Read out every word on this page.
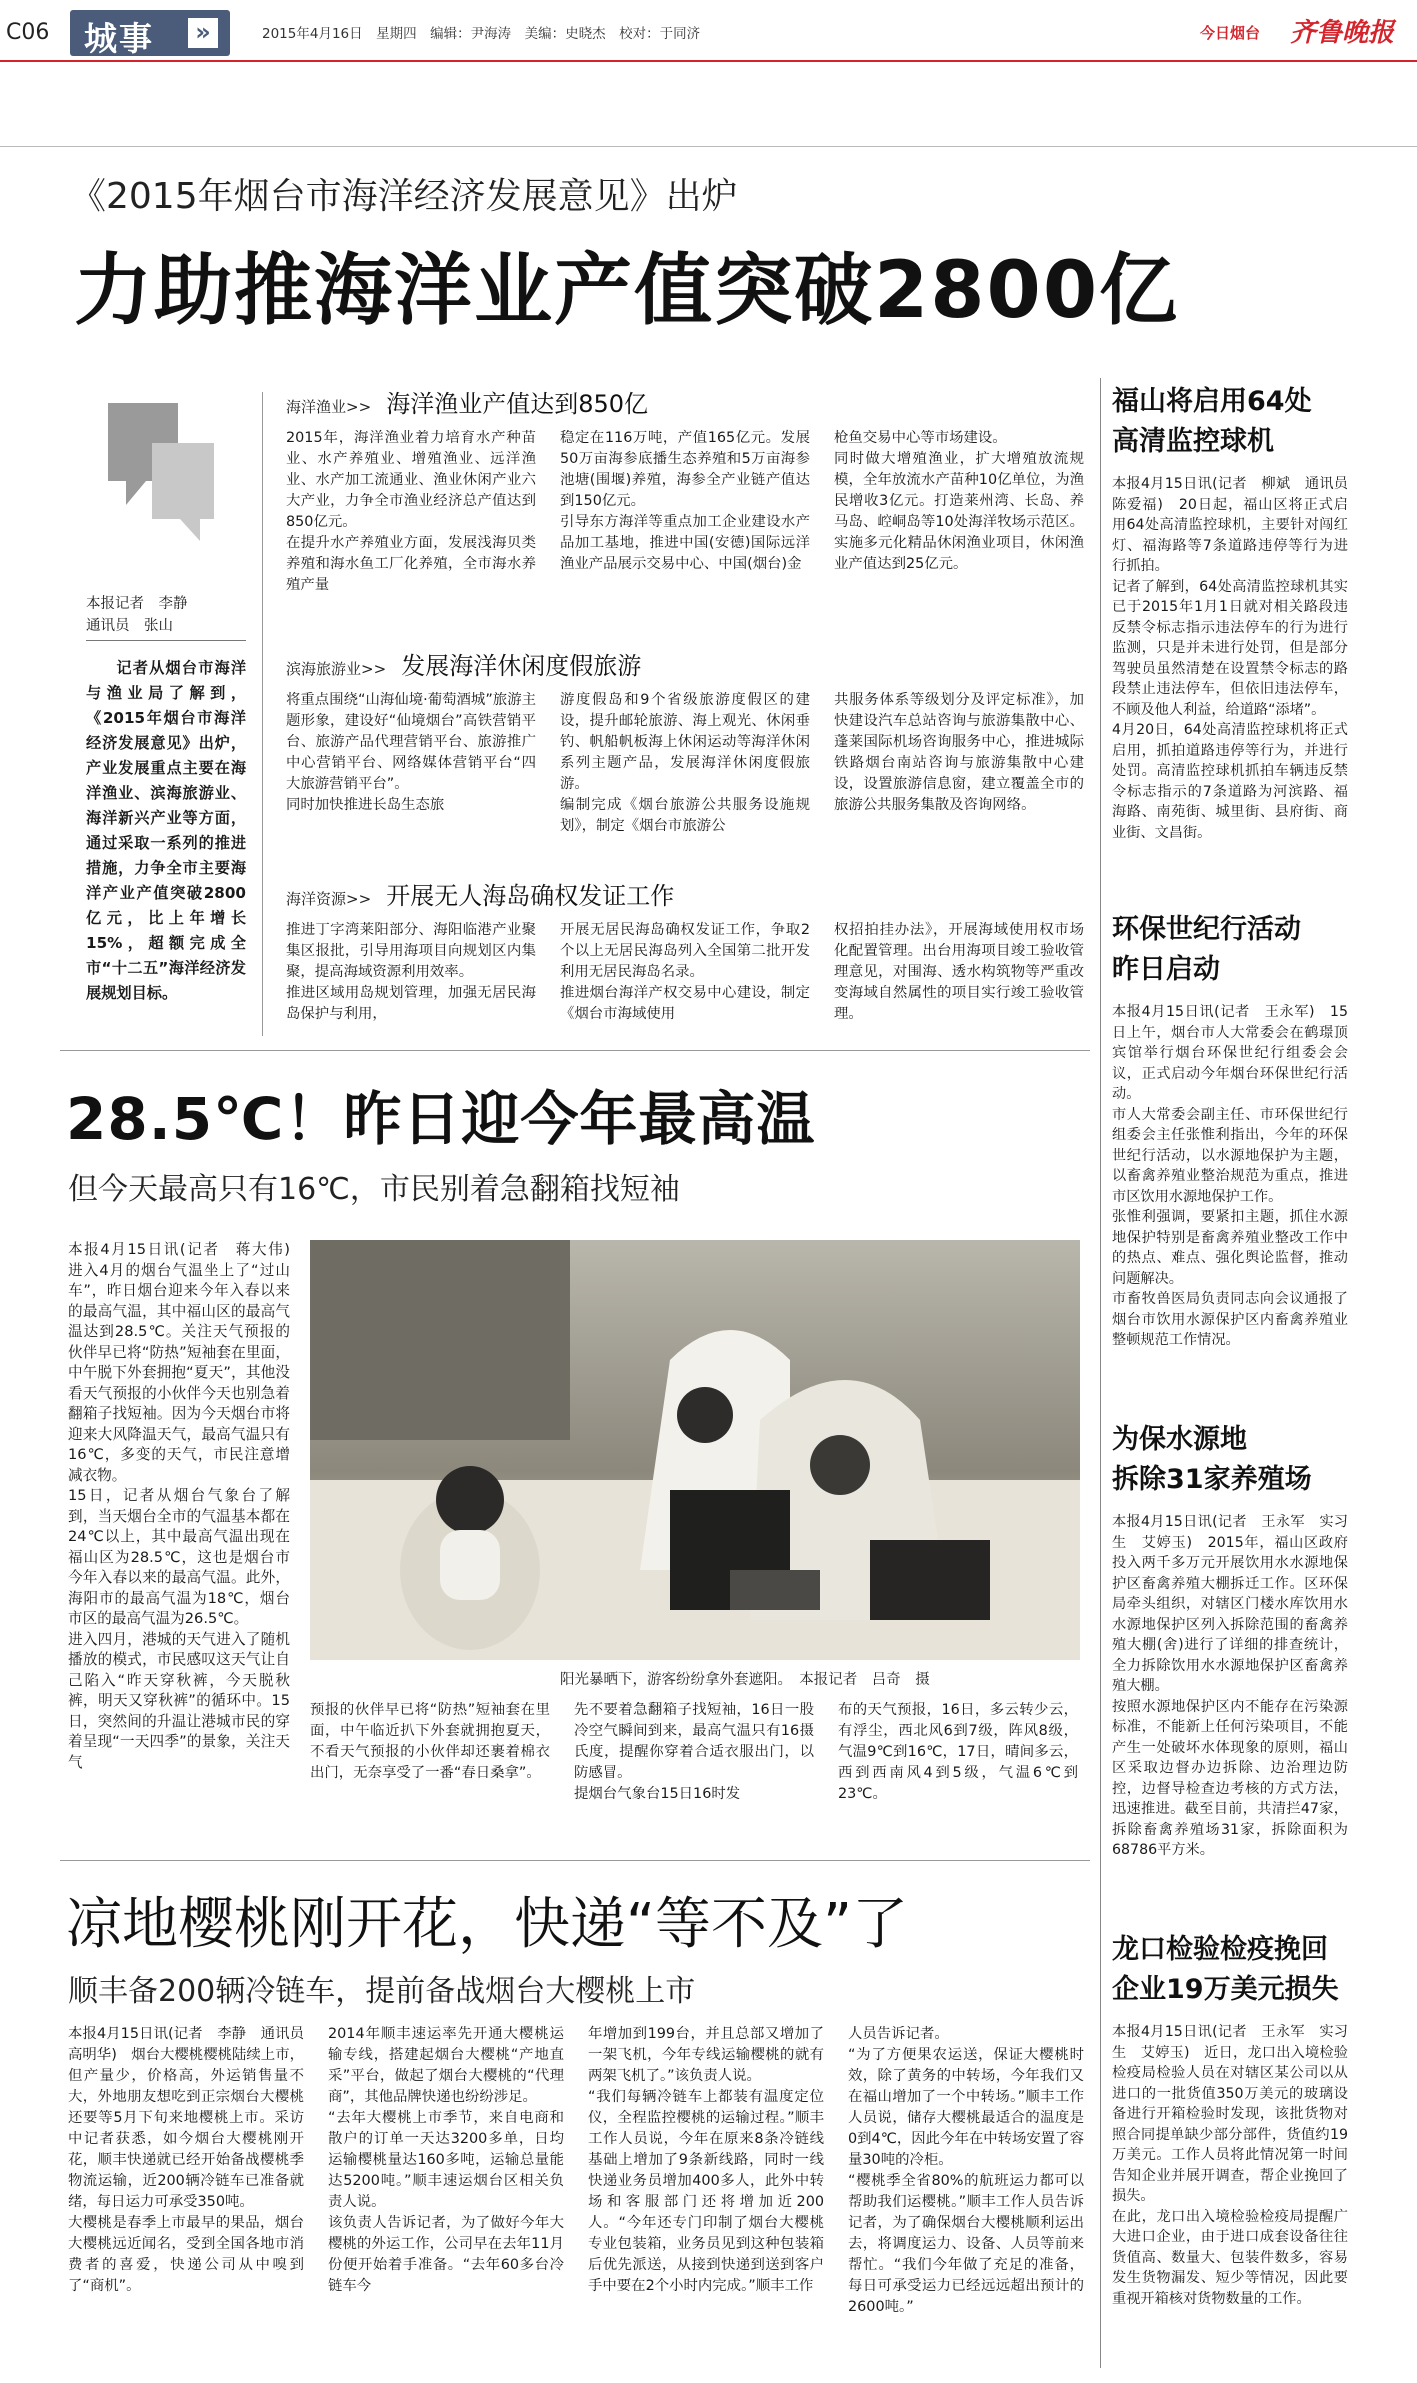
C06 城事	»	2015年4月16日　星期四　编辑：尹海涛　美编：史晓杰　校对：于同济	今日烟台 齐鲁晚报
《2015年烟台市海洋经济发展意见》出炉
力助推海洋业产值突破2800亿
本报记者　李静
通讯员　张山
记者从烟台市海洋与渔业局了解到，《2015年烟台市海洋经济发展意见》出炉，产业发展重点主要在海洋渔业、滨海旅游业、海洋新兴产业等方面，通过采取一系列的推进措施，力争全市主要海洋产业产值突破2800亿元，比上年增长15%，超额完成全市“十二五”海洋经济发展规划目标。
海洋渔业>> 海洋渔业产值达到850亿
2015年，海洋渔业着力培育水产种苗业、水产养殖业、增殖渔业、远洋渔业、水产加工流通业、渔业休闲产业六大产业，力争全市渔业经济总产值达到850亿元。
在提升水产养殖业方面，发展浅海贝类养殖和海水鱼工厂化养殖，全市海水养殖产量
稳定在116万吨，产值165亿元。发展50万亩海参底播生态养殖和5万亩海参池塘(围堰)养殖，海参全产业链产值达到150亿元。
引导东方海洋等重点加工企业建设水产品加工基地，推进中国(安德)国际远洋渔业产品展示交易中心、中国(烟台)金
枪鱼交易中心等市场建设。
同时做大增殖渔业，扩大增殖放流规模，全年放流水产苗种10亿单位，为渔民增收3亿元。打造莱州湾、长岛、养马岛、崆峒岛等10处海洋牧场示范区。实施多元化精品休闲渔业项目，休闲渔业产值达到25亿元。
滨海旅游业>> 发展海洋休闲度假旅游
将重点围绕“山海仙境·葡萄酒城”旅游主题形象，建设好“仙境烟台”高铁营销平台、旅游产品代理营销平台、旅游推广中心营销平台、网络媒体营销平台“四大旅游营销平台”。
同时加快推进长岛生态旅
游度假岛和9个省级旅游度假区的建设，提升邮轮旅游、海上观光、休闲垂钓、帆船帆板海上休闲运动等海洋休闲系列主题产品，发展海洋休闲度假旅游。
编制完成《烟台旅游公共服务设施规划》，制定《烟台市旅游公
共服务体系等级划分及评定标准》，加快建设汽车总站咨询与旅游集散中心、蓬莱国际机场咨询服务中心，推进城际铁路烟台南站咨询与旅游集散中心建设，设置旅游信息窗，建立覆盖全市的旅游公共服务集散及咨询网络。
海洋资源>> 开展无人海岛确权发证工作
推进丁字湾莱阳部分、海阳临港产业聚集区报批，引导用海项目向规划区内集聚，提高海域资源利用效率。
推进区域用岛规划管理，加强无居民海岛保护与利用，
开展无居民海岛确权发证工作，争取2个以上无居民海岛列入全国第二批开发利用无居民海岛名录。
推进烟台海洋产权交易中心建设，制定《烟台市海域使用
权招拍挂办法》，开展海域使用权市场化配置管理。出台用海项目竣工验收管理意见，对围海、透水构筑物等严重改变海域自然属性的项目实行竣工验收管理。
28.5℃！昨日迎今年最高温
但今天最高只有16℃，市民别着急翻箱找短袖
本报4月15日讯(记者　蒋大伟)　进入4月的烟台气温坐上了“过山车”，昨日烟台迎来今年入春以来的最高气温，其中福山区的最高气温达到28.5℃。关注天气预报的伙伴早已将“防热”短袖套在里面，中午脱下外套拥抱“夏天”，其他没看天气预报的小伙伴今天也别急着翻箱子找短袖。因为今天烟台市将迎来大风降温天气，最高气温只有16℃，多变的天气，市民注意增减衣物。
15日，记者从烟台气象台了解到，当天烟台全市的气温基本都在24℃以上，其中最高气温出现在福山区为28.5℃，这也是烟台市今年入春以来的最高气温。此外，海阳市的最高气温为18℃，烟台市区的最高气温为26.5℃。
进入四月，港城的天气进入了随机播放的模式，市民感叹这天气让自己陷入“昨天穿秋裤，今天脱秋裤，明天又穿秋裤”的循环中。15日，突然间的升温让港城市民的穿着呈现“一天四季”的景象，关注天气
阳光暴晒下，游客纷纷拿外套遮阳。　本报记者　吕奇　摄
预报的伙伴早已将“防热”短袖套在里面，中午临近扒下外套就拥抱夏天，不看天气预报的小伙伴却还裹着棉衣出门，无奈享受了一番“春日桑拿”。
先不要着急翻箱子找短袖，16日一股冷空气瞬间到来，最高气温只有16摄氏度，提醒你穿着合适衣服出门，以防感冒。
提烟台气象台15日16时发
布的天气预报，16日，多云转少云，有浮尘，西北风6到7级，阵风8级，气温9℃到16℃，17日，晴间多云，西到西南风4到5级，气温6℃到23℃。
凉地樱桃刚开花，快递“等不及”了
顺丰备200辆冷链车，提前备战烟台大樱桃上市
本报4月15日讯(记者　李静　通讯员　高明华)　烟台大樱桃樱桃陆续上市，但产量少，价格高，外运销售量不大，外地朋友想吃到正宗烟台大樱桃还要等5月下旬来地樱桃上市。采访中记者获悉，如今烟台大樱桃刚开花，顺丰快递就已经开始备战樱桃季物流运输，近200辆冷链车已准备就绪，每日运力可承受350吨。
大樱桃是春季上市最早的果品，烟台大樱桃远近闻名，受到全国各地市消费者的喜爱，快递公司从中嗅到了“商机”。
2014年顺丰速运率先开通大樱桃运输专线，搭建起烟台大樱桃“产地直采”平台，做起了烟台大樱桃的“代理商”，其他品牌快递也纷纷涉足。
“去年大樱桃上市季节，来自电商和散户的订单一天达3200多单，日均运输樱桃量达160多吨，运输总量能达5200吨。”顺丰速运烟台区相关负责人说。
该负责人告诉记者，为了做好今年大樱桃的外运工作，公司早在去年11月份便开始着手准备。“去年60多台冷链车今
年增加到199台，并且总部又增加了一架飞机，今年专线运输樱桃的就有两架飞机了。”该负责人说。
“我们每辆冷链车上都装有温度定位仪，全程监控樱桃的运输过程。”顺丰工作人员说，今年在原来8条冷链线基础上增加了9条新线路，同时一线快递业务员增加400多人，此外中转场和客服部门还将增加近200人。“今年还专门印制了烟台大樱桃专业包装箱，业务员见到这种包装箱后优先派送，从接到快递到送到客户手中要在2个小时内完成。”顺丰工作
人员告诉记者。
“为了方便果农运送，保证大樱桃时效，除了黄务的中转场，今年我们又在福山增加了一个中转场。”顺丰工作人员说，储存大樱桃最适合的温度是0到4℃，因此今年在中转场安置了容量30吨的冷柜。
“樱桃季全省80%的航班运力都可以帮助我们运樱桃。”顺丰工作人员告诉记者，为了确保烟台大樱桃顺利运出去，将调度运力、设备、人员等前来帮忙。“我们今年做了充足的准备，每日可承受运力已经远远超出预计的2600吨。”
福山将启用64处
高清监控球机
本报4月15日讯(记者　柳斌　通讯员　陈爱福)　20日起，福山区将正式启用64处高清监控球机，主要针对闯红灯、福海路等7条道路违停等行为进行抓拍。
记者了解到，64处高清监控球机其实已于2015年1月1日就对相关路段违反禁令标志指示违法停车的行为进行监测，只是并未进行处罚，但是部分驾驶员虽然清楚在设置禁令标志的路段禁止违法停车，但依旧违法停车，不顾及他人利益，给道路“添堵”。
4月20日，64处高清监控球机将正式启用，抓拍道路违停等行为，并进行处罚。高清监控球机抓拍车辆违反禁令标志指示的7条道路为河滨路、福海路、南苑街、城里街、县府街、商业街、文昌街。
环保世纪行活动
昨日启动
本报4月15日讯(记者　王永军)　15日上午，烟台市人大常委会在鹤璟顶宾馆举行烟台环保世纪行组委会会议，正式启动今年烟台环保世纪行活动。
市人大常委会副主任、市环保世纪行组委会主任张惟利指出，今年的环保世纪行活动，以水源地保护为主题，以畜禽养殖业整治规范为重点，推进市区饮用水源地保护工作。
张惟利强调，要紧扣主题，抓住水源地保护特别是畜禽养殖业整改工作中的热点、难点、强化舆论监督，推动问题解决。
市畜牧兽医局负责同志向会议通报了烟台市饮用水源保护区内畜禽养殖业整顿规范工作情况。
为保水源地
拆除31家养殖场
本报4月15日讯(记者　王永军　实习生　艾婷玉)　2015年，福山区政府投入两千多万元开展饮用水水源地保护区畜禽养殖大棚拆迁工作。区环保局牵头组织，对辖区门楼水库饮用水水源地保护区列入拆除范围的畜禽养殖大棚(舍)进行了详细的排查统计，全力拆除饮用水水源地保护区畜禽养殖大棚。
按照水源地保护区内不能存在污染源标准，不能新上任何污染项目，不能产生一处破坏水体现象的原则，福山区采取边督办边拆除、边治理边防控，边督导检查边考核的方式方法，迅速推进。截至目前，共清拦47家，拆除畜禽养殖场31家，拆除面积为68786平方米。
龙口检验检疫挽回
企业19万美元损失
本报4月15日讯(记者　王永军　实习生　艾婷玉)　近日，龙口出入境检验检疫局检验人员在对辖区某公司以从进口的一批货值350万美元的玻璃设备进行开箱检验时发现，该批货物对照合同提单缺少部分部件，货值约19万美元。工作人员将此情况第一时间告知企业并展开调查，帮企业挽回了损失。
在此，龙口出入境检验检疫局提醒广大进口企业，由于进口成套设备往往货值高、数量大、包装件数多，容易发生货物漏发、短少等情况，因此要重视开箱核对货物数量的工作。
